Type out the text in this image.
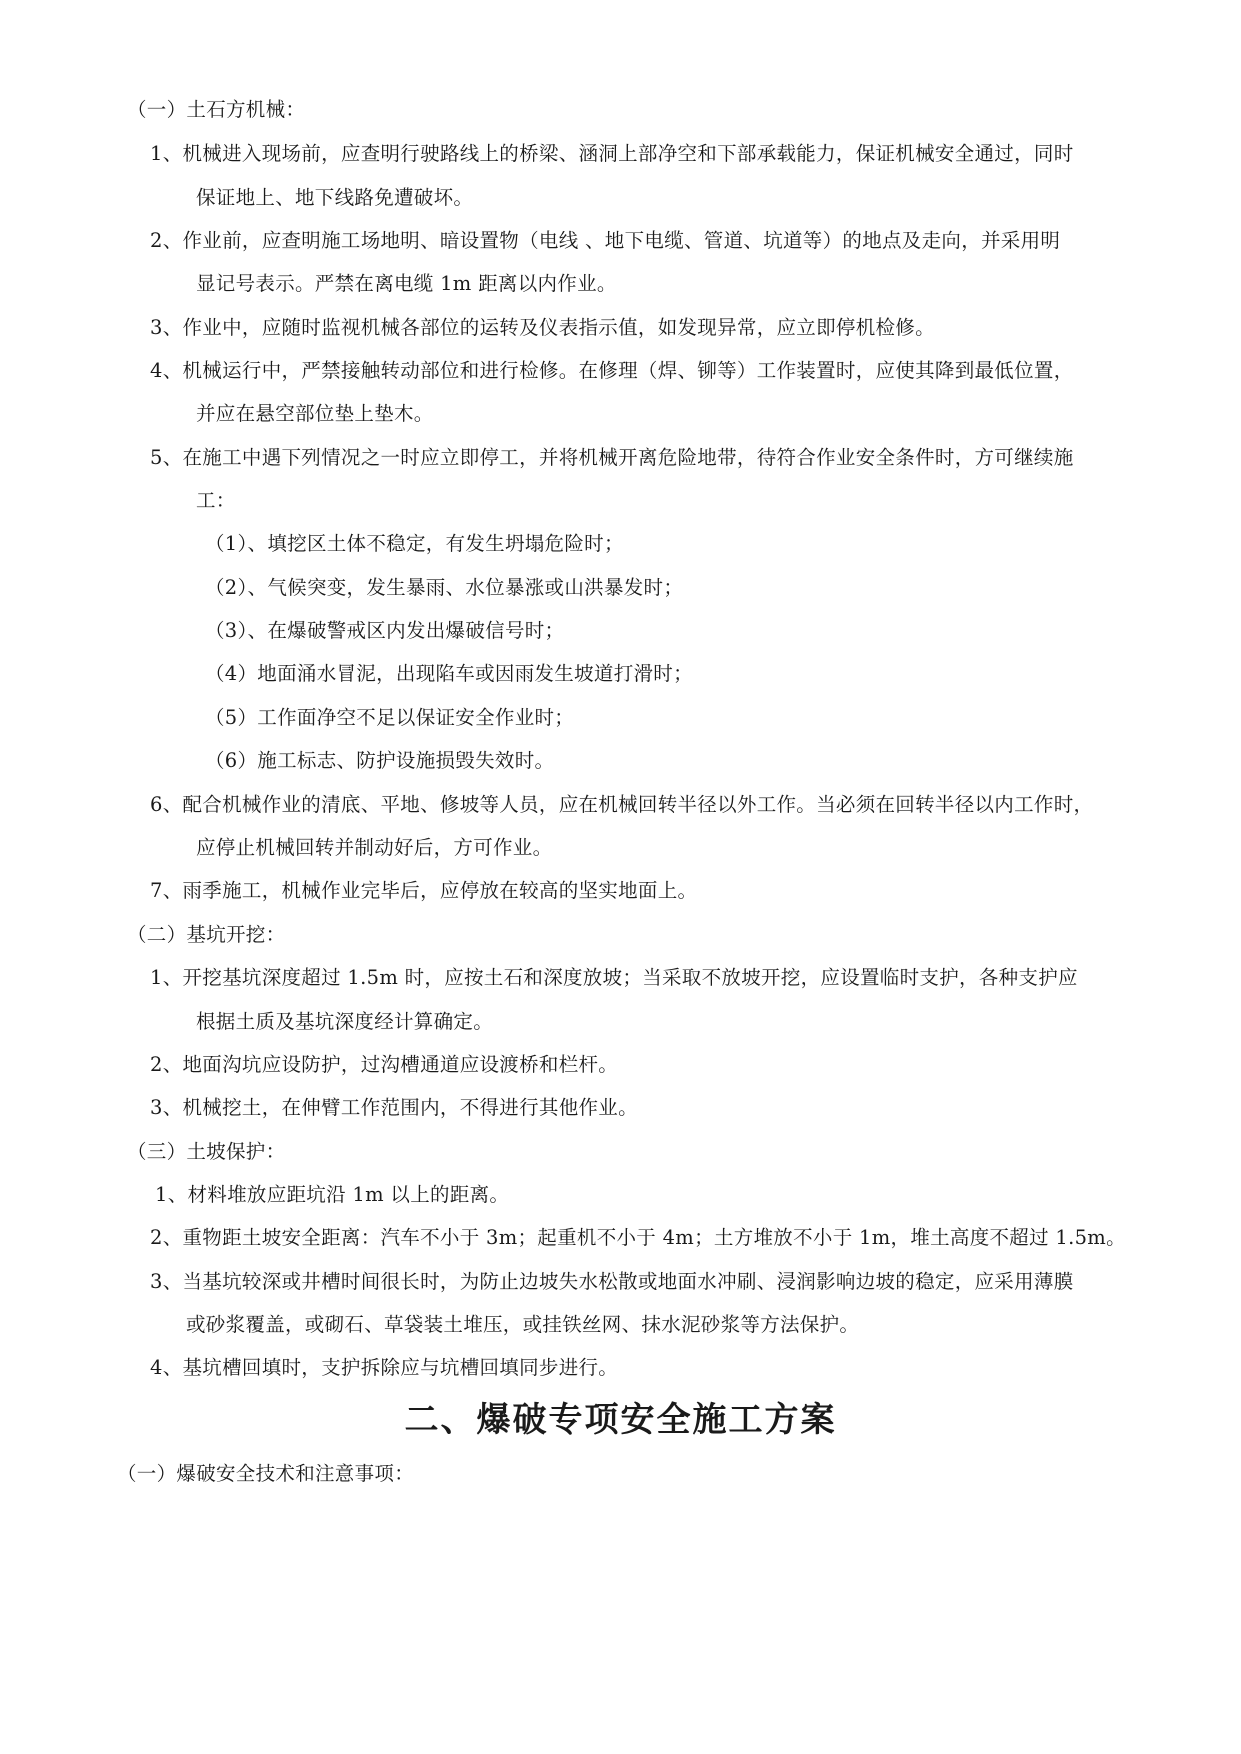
（一）土石方机械：
1、机械进入现场前，应查明行驶路线上的桥梁、涵洞上部净空和下部承载能力，保证机械安全通过，同时
保证地上、地下线路免遭破坏。
2、作业前，应查明施工场地明、暗设置物（电线 、地下电缆、管道、坑道等）的地点及走向，并采用明
显记号表示。严禁在离电缆 1m 距离以内作业。
3、作业中，应随时监视机械各部位的运转及仪表指示值，如发现异常，应立即停机检修。
4、机械运行中，严禁接触转动部位和进行检修。在修理（焊、铆等）工作装置时，应使其降到最低位置，
并应在悬空部位垫上垫木。
5、在施工中遇下列情况之一时应立即停工，并将机械开离危险地带，待符合作业安全条件时，方可继续施
工：
（1）、填挖区土体不稳定，有发生坍塌危险时；
（2）、气候突变，发生暴雨、水位暴涨或山洪暴发时；
（3）、在爆破警戒区内发出爆破信号时；
（4）地面涌水冒泥，出现陷车或因雨发生坡道打滑时；
（5）工作面净空不足以保证安全作业时；
（6）施工标志、防护设施损毁失效时。
6、配合机械作业的清底、平地、修坡等人员，应在机械回转半径以外工作。当必须在回转半径以内工作时，
应停止机械回转并制动好后，方可作业。
7、雨季施工，机械作业完毕后，应停放在较高的坚实地面上。
（二）基坑开挖：
1、开挖基坑深度超过 1.5m 时，应按土石和深度放坡；当采取不放坡开挖，应设置临时支护，各种支护应
根据土质及基坑深度经计算确定。
2、地面沟坑应设防护，过沟槽通道应设渡桥和栏杆。
3、机械挖土，在伸臂工作范围内，不得进行其他作业。
（三）土坡保护：
1、材料堆放应距坑沿 1m 以上的距离。
2、重物距土坡安全距离：汽车不小于 3m；起重机不小于 4m；土方堆放不小于 1m，堆土高度不超过 1.5m。
3、当基坑较深或井槽时间很长时，为防止边坡失水松散或地面水冲刷、浸润影响边坡的稳定，应采用薄膜
或砂浆覆盖，或砌石、草袋装土堆压，或挂铁丝网、抹水泥砂浆等方法保护。
4、基坑槽回填时，支护拆除应与坑槽回填同步进行。
二、爆破专项安全施工方案
（一）爆破安全技术和注意事项：
